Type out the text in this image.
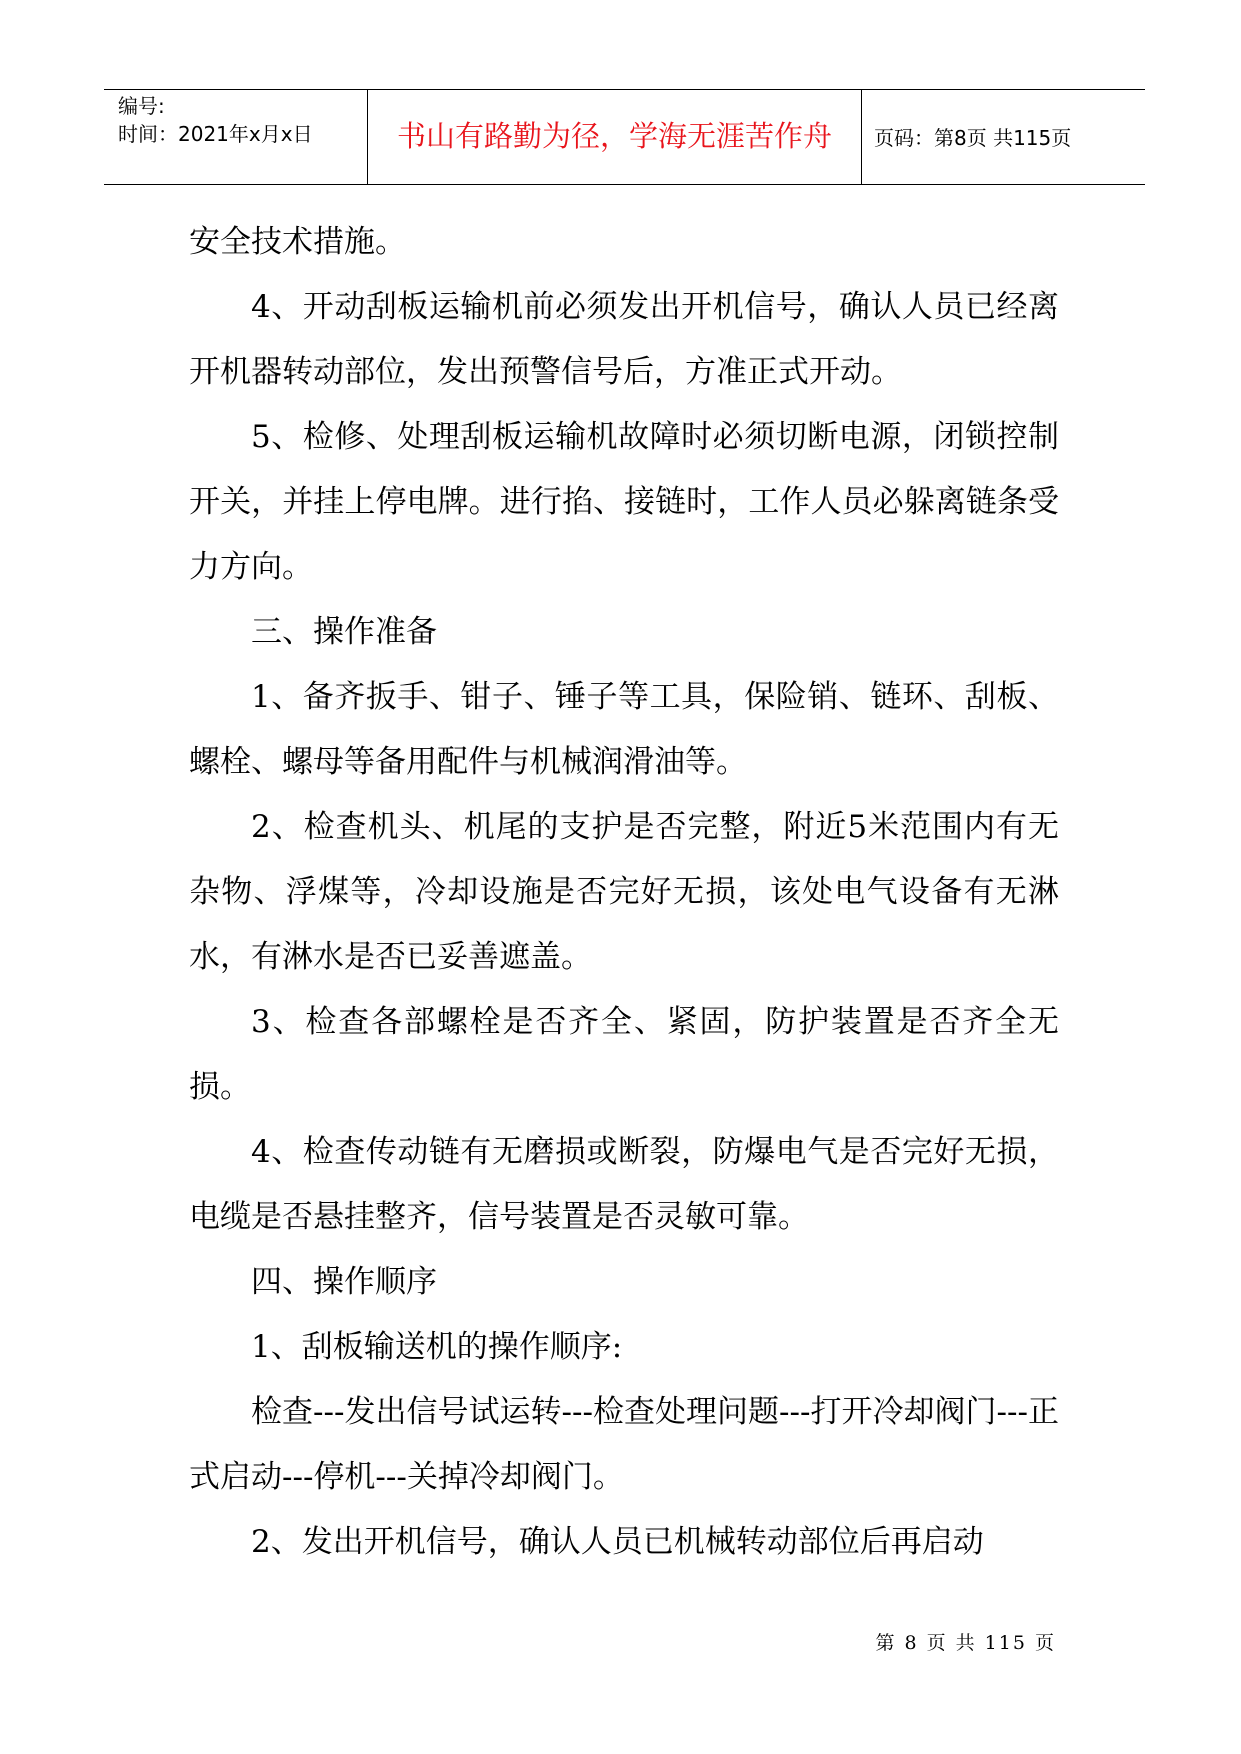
编号:
时间：2021年x月x日	书山有路勤为径，学海无涯苦作舟	页码：第8页 共115页

安全技术措施。

4、开动刮板运输机前必须发出开机信号，确认人员已经离开机器转动部位，发出预警信号后，方准正式开动。

5、检修、处理刮板运输机故障时必须切断电源，闭锁控制开关，并挂上停电牌。进行掐、接链时，工作人员必躲离链条受力方向。

三、操作准备

1、备齐扳手、钳子、锤子等工具，保险销、链环、刮板、螺栓、螺母等备用配件与机械润滑油等。

2、检查机头、机尾的支护是否完整，附近5米范围内有无杂物、浮煤等，冷却设施是否完好无损，该处电气设备有无淋水，有淋水是否已妥善遮盖。

3、检查各部螺栓是否齐全、紧固，防护装置是否齐全无损。

4、检查传动链有无磨损或断裂，防爆电气是否完好无损，电缆是否悬挂整齐，信号装置是否灵敏可靠。

四、操作顺序

1、刮板输送机的操作顺序:

检查---发出信号试运转---检查处理问题---打开冷却阀门---正式启动---停机---关掉冷却阀门。

2、发出开机信号，确认人员已机械转动部位后再启动

第 8 页 共 115 页
